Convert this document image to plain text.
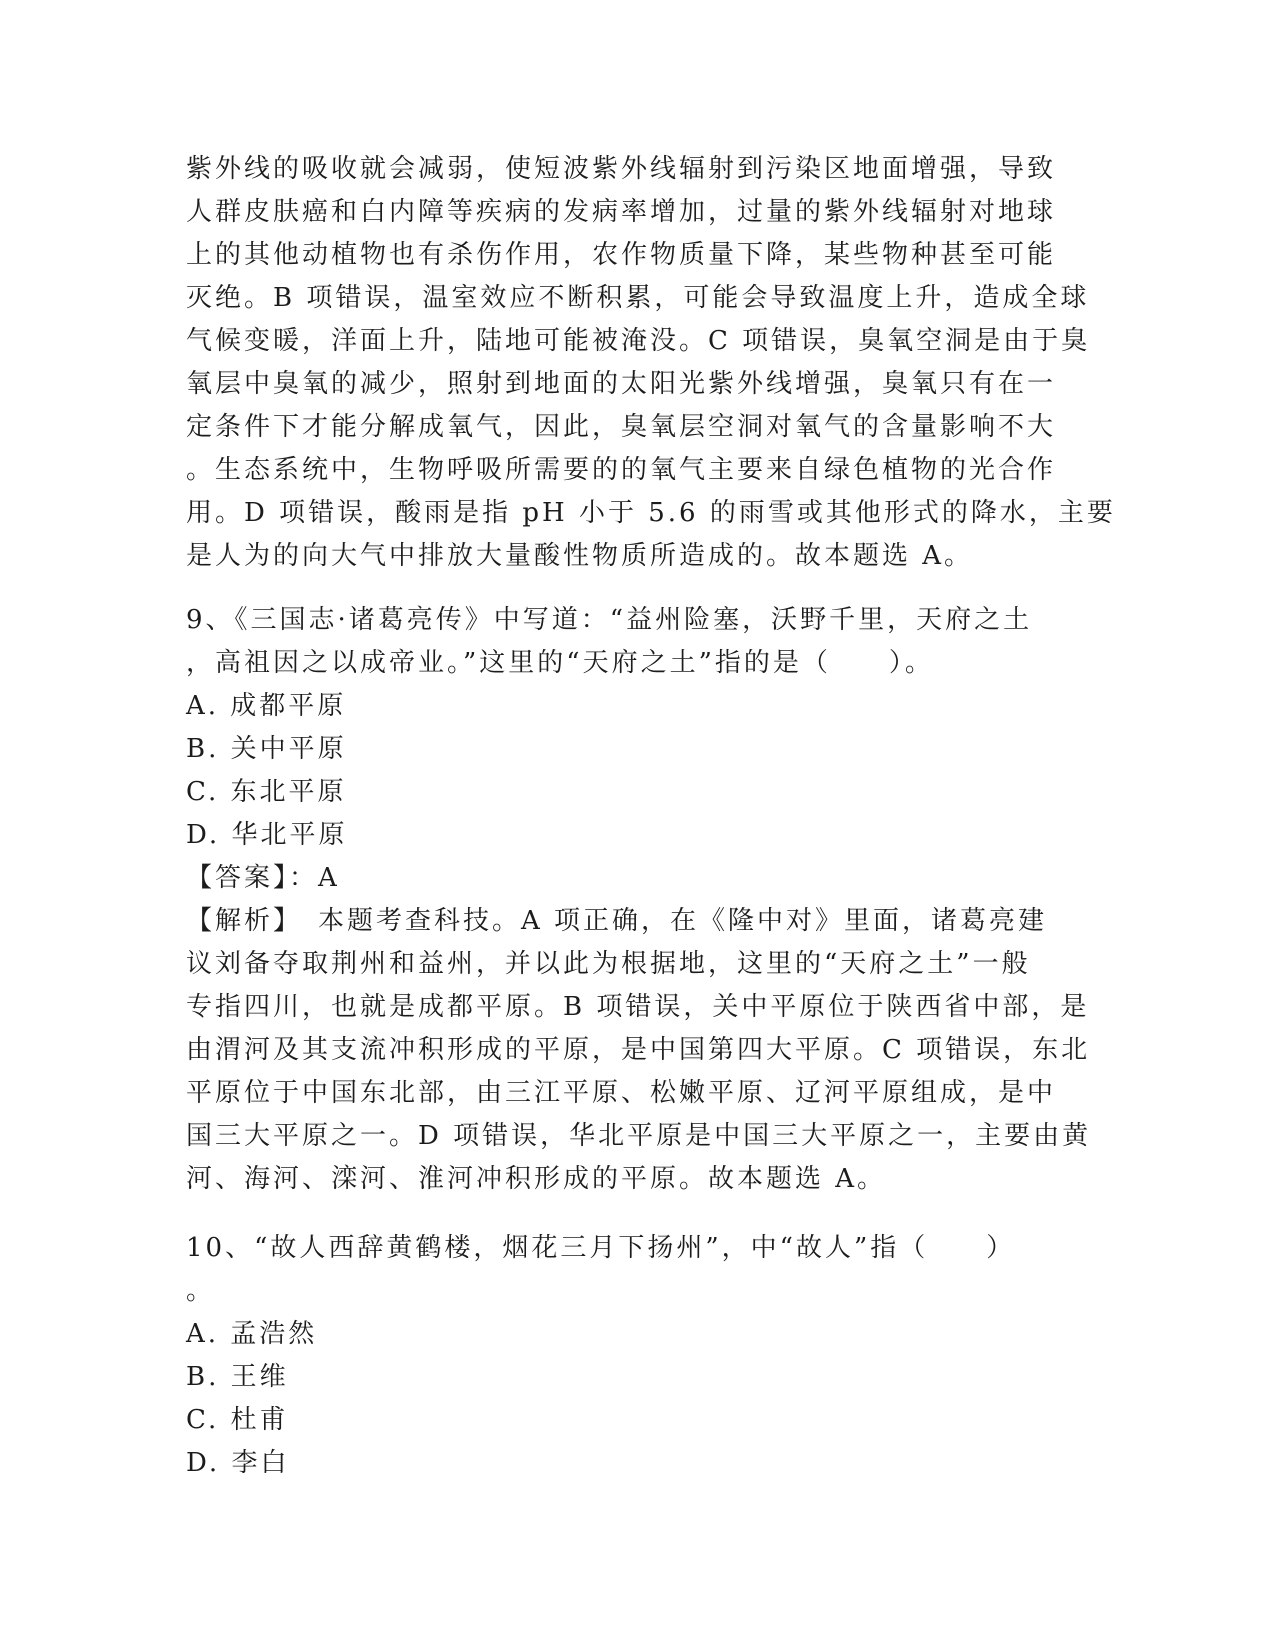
紫外线的吸收就会减弱，使短波紫外线辐射到污染区地面增强，导致
人群皮肤癌和白内障等疾病的发病率增加，过量的紫外线辐射对地球
上的其他动植物也有杀伤作用，农作物质量下降，某些物种甚至可能
灭绝。B 项错误，温室效应不断积累，可能会导致温度上升，造成全球
气候变暖，洋面上升，陆地可能被淹没。C 项错误，臭氧空洞是由于臭
氧层中臭氧的减少，照射到地面的太阳光紫外线增强，臭氧只有在一
定条件下才能分解成氧气，因此，臭氧层空洞对氧气的含量影响不大
。生态系统中，生物呼吸所需要的的氧气主要来自绿色植物的光合作
用。D 项错误，酸雨是指 pH 小于 5.6 的雨雪或其他形式的降水，主要
是人为的向大气中排放大量酸性物质所造成的。故本题选 A。
9、《三国志·诸葛亮传》中写道：“益州险塞，沃野千里，天府之土
，高祖因之以成帝业。”这里的“天府之土”指的是（　　）。
A. 成都平原
B. 关中平原
C. 东北平原
D. 华北平原
【答案】：A
【解析】　本题考查科技。A 项正确，在《隆中对》里面，诸葛亮建
议刘备夺取荆州和益州，并以此为根据地，这里的“天府之土”一般
专指四川，也就是成都平原。B 项错误，关中平原位于陕西省中部，是
由渭河及其支流冲积形成的平原，是中国第四大平原。C 项错误，东北
平原位于中国东北部，由三江平原、松嫩平原、辽河平原组成，是中
国三大平原之一。D 项错误，华北平原是中国三大平原之一，主要由黄
河、海河、滦河、淮河冲积形成的平原。故本题选 A。
10、“故人西辞黄鹤楼，烟花三月下扬州”，中“故人”指（　　）
。
A. 孟浩然
B. 王维
C. 杜甫
D. 李白
